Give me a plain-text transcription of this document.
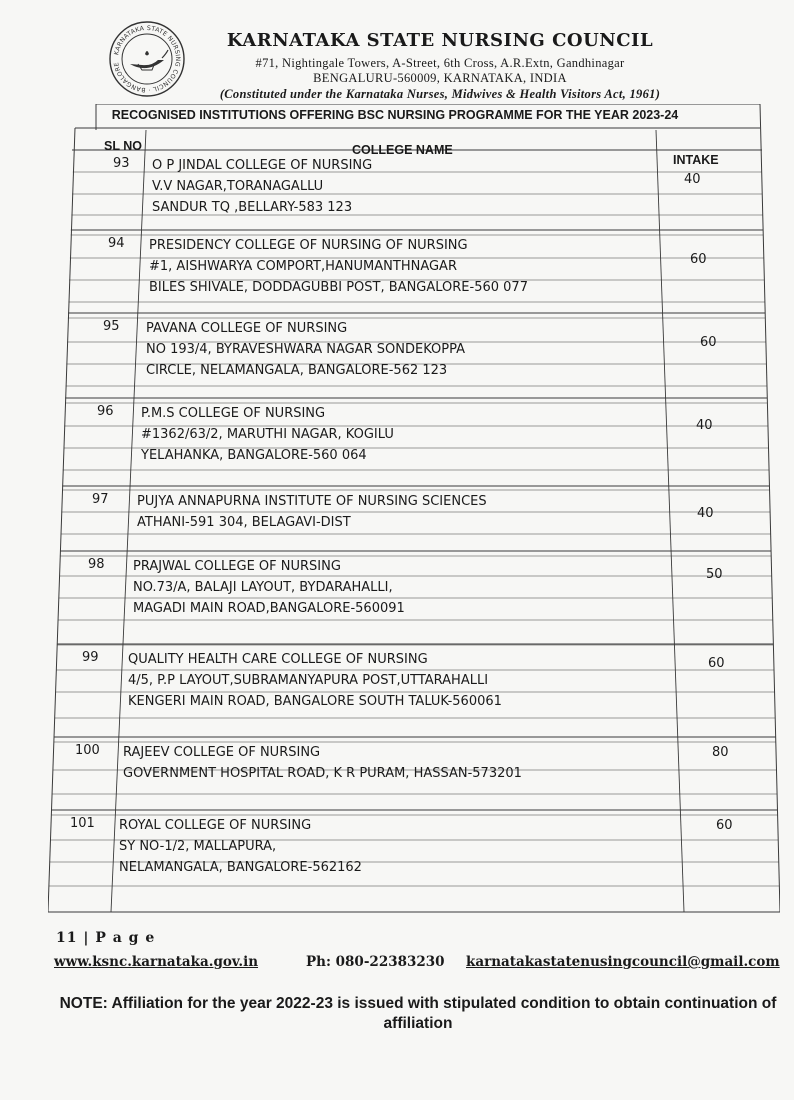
KARNATAKA STATE NURSING COUNCIL · BANGALORE
KARNATAKA STATE NURSING COUNCIL
#71, Nightingale Towers, A-Street, 6th Cross, A.R.Extn, Gandhinagar
BENGALURU-560009, KARNATAKA, INDIA
(Constituted under the Karnataka Nurses, Midwives & Health Visitors Act, 1961)
RECOGNISED INSTITUTIONS OFFERING BSC NURSING PROGRAMME FOR THE YEAR 2023-24
SL NO	COLLEGE NAME
INTAKE
93 O P JINDAL COLLEGE OF NURSING
V.V NAGAR,TORANAGALLU
SANDUR TQ ,BELLARY-583 123
40
94 PRESIDENCY COLLEGE OF NURSING OF NURSING
#1, AISHWARYA COMPORT,HANUMANTHNAGAR
BILES SHIVALE, DODDAGUBBI POST, BANGALORE-560 077
60
95 PAVANA COLLEGE OF NURSING
NO 193/4, BYRAVESHWARA NAGAR SONDEKOPPA
CIRCLE, NELAMANGALA, BANGALORE-562 123
60
96 P.M.S COLLEGE OF NURSING
#1362/63/2, MARUTHI NAGAR, KOGILU
YELAHANKA, BANGALORE-560 064
40
97 PUJYA ANNAPURNA INSTITUTE OF NURSING SCIENCES
ATHANI-591 304, BELAGAVI-DIST
40
98 PRAJWAL COLLEGE OF NURSING
NO.73/A, BALAJI LAYOUT, BYDARAHALLI,
MAGADI MAIN ROAD,BANGALORE-560091
50
99 QUALITY HEALTH CARE COLLEGE OF NURSING
4/5, P.P LAYOUT,SUBRAMANYAPURA POST,UTTARAHALLI
KENGERI MAIN ROAD, BANGALORE SOUTH TALUK-560061
60
100 RAJEEV COLLEGE OF NURSING
GOVERNMENT HOSPITAL ROAD, K R PURAM, HASSAN-573201
80
101 ROYAL COLLEGE OF NURSING
SY NO-1/2, MALLAPURA,
NELAMANGALA, BANGALORE-562162
60
11 | P a g e
www.ksnc.karnataka.gov.in	Ph: 080-22383230 karnatakastatenusingcouncil@gmail.com
NOTE: Affiliation for the year 2022-23 is issued with stipulated condition to obtain continuation of affiliation
